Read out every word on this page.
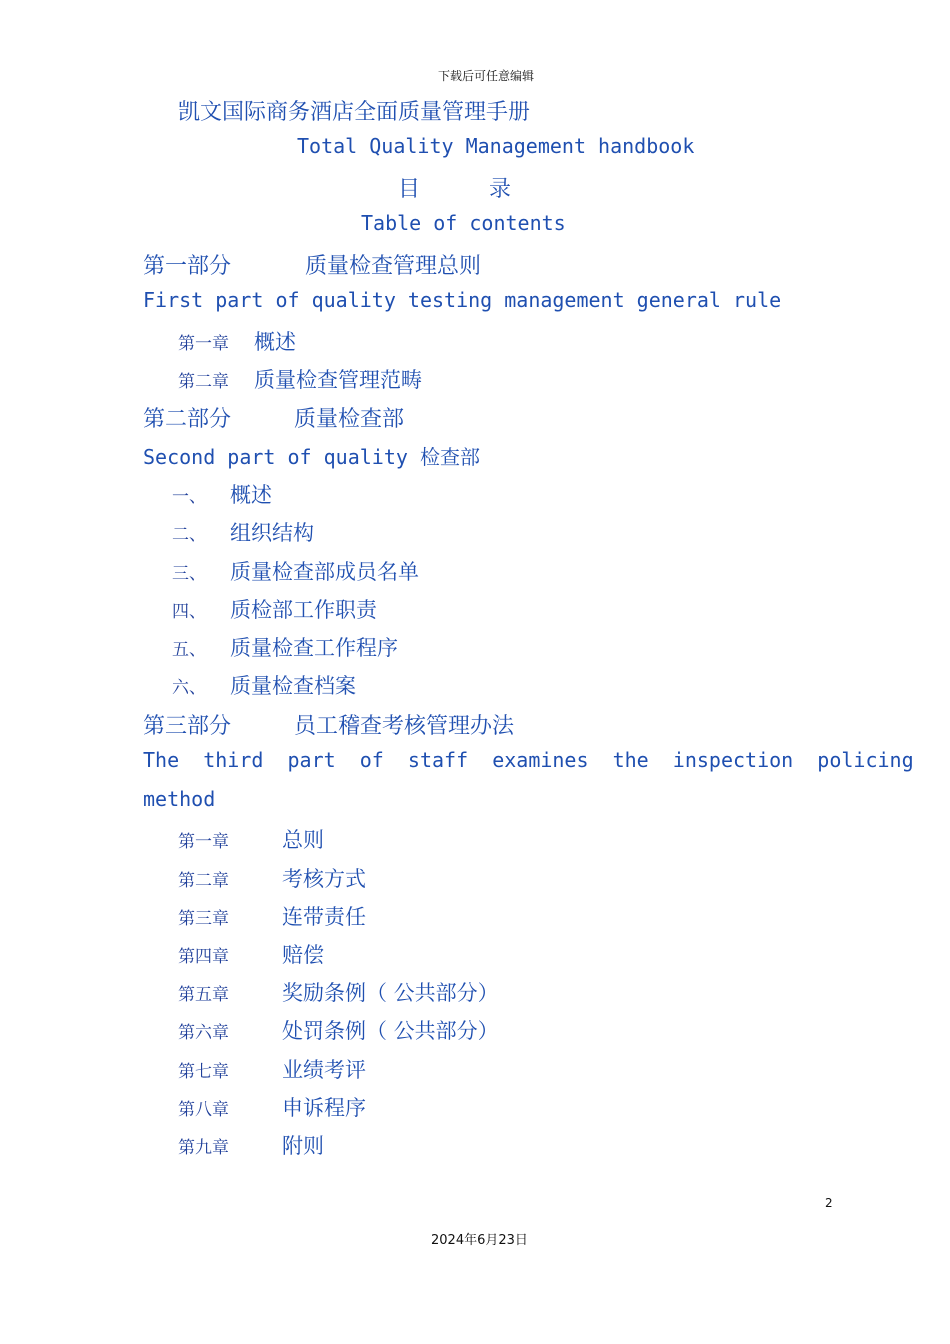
下载后可任意编辑
凯文国际商务酒店全面质量管理手册
Total Quality Management handbook
目	录
Table of contents
第一部分	质量检查管理总则
First part of quality testing management general rule
第一章 概述
第二章 质量检查管理范畴
第二部分	质量检查部
Second part of quality 检查部
一、 概述
二、 组织结构
三、 质量检查部成员名单
四、 质检部工作职责
五、 质量检查工作程序
六、 质量检查档案
第三部分	员工稽查考核管理办法
The  third  part  of  staff  examines  the  inspection  policing
method
第一章	总则
第二章	考核方式
第三章	连带责任
第四章	赔偿
第五章	奖励条例（ 公共部分）
第六章	处罚条例（ 公共部分）
第七章	业绩考评
第八章	申诉程序
第九章	附则
2
2024年6月23日
